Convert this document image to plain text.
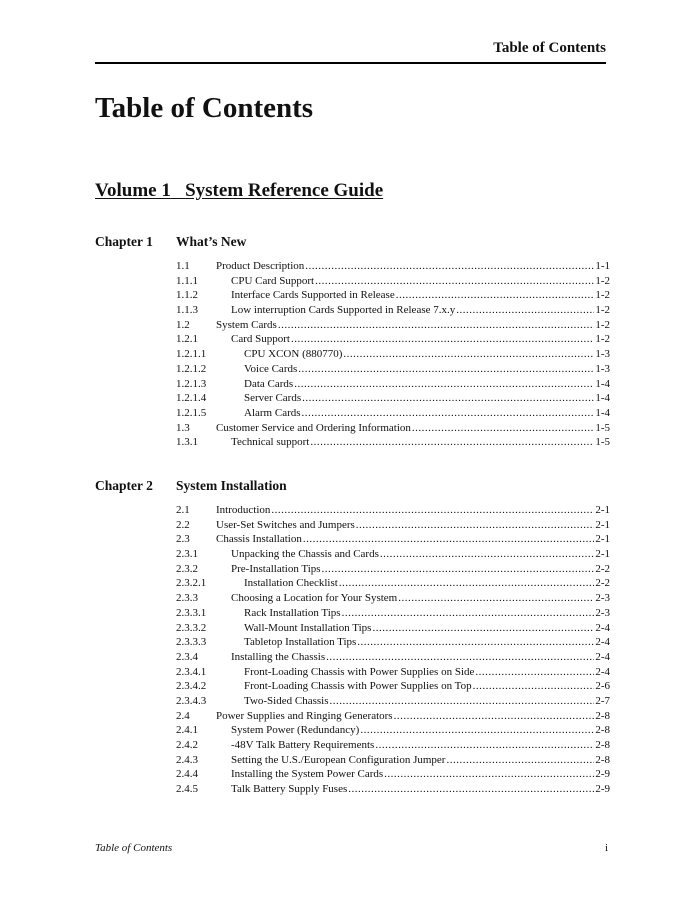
Table of Contents
Table of Contents
Volume 1 System Reference Guide
Chapter 1 What’s New
1.1 Product Description .....	1-1
1.1.1	CPU Card Support .....	1-2
1.1.2	Interface Cards Supported in Release .....	1-2
1.1.3	Low interruption Cards Supported in Release 7.x.y .....	1-2
1.2 System Cards .....	1-2
1.2.1	Card Support .....	1-2
1.2.1.1	CPU XCON (880770) .....	1-3
1.2.1.2	Voice Cards .....	1-3
1.2.1.3	Data Cards .....	1-4
1.2.1.4	Server Cards .....	1-4
1.2.1.5	Alarm Cards .....	1-4
1.3 Customer Service and Ordering Information .....	1-5
1.3.1	Technical support .....	1-5
Chapter 2 System Installation
2.1 Introduction .....	2-1
2.2 User-Set Switches and Jumpers .....	2-1
2.3 Chassis Installation .....	2-1
2.3.1	Unpacking the Chassis and Cards .....	2-1
2.3.2	Pre-Installation Tips .....	2-2
2.3.2.1	Installation Checklist .....	2-2
2.3.3	Choosing a Location for Your System .....	2-3
2.3.3.1	Rack Installation Tips .....	2-3
2.3.3.2	Wall-Mount Installation Tips .....	2-4
2.3.3.3	Tabletop Installation Tips .....	2-4
2.3.4	Installing the Chassis .....	2-4
2.3.4.1	Front-Loading Chassis with Power Supplies on Side .....	2-4
2.3.4.2	Front-Loading Chassis with Power Supplies on Top .....	2-6
2.3.4.3	Two-Sided Chassis .....	2-7
2.4 Power Supplies and Ringing Generators .....	2-8
2.4.1	System Power (Redundancy) .....	2-8
2.4.2	-48V Talk Battery Requirements .....	2-8
2.4.3	Setting the U.S./European Configuration Jumper .....	2-8
2.4.4	Installing the System Power Cards .....	2-9
2.4.5	Talk Battery Supply Fuses .....	2-9
Table of Contents	i
